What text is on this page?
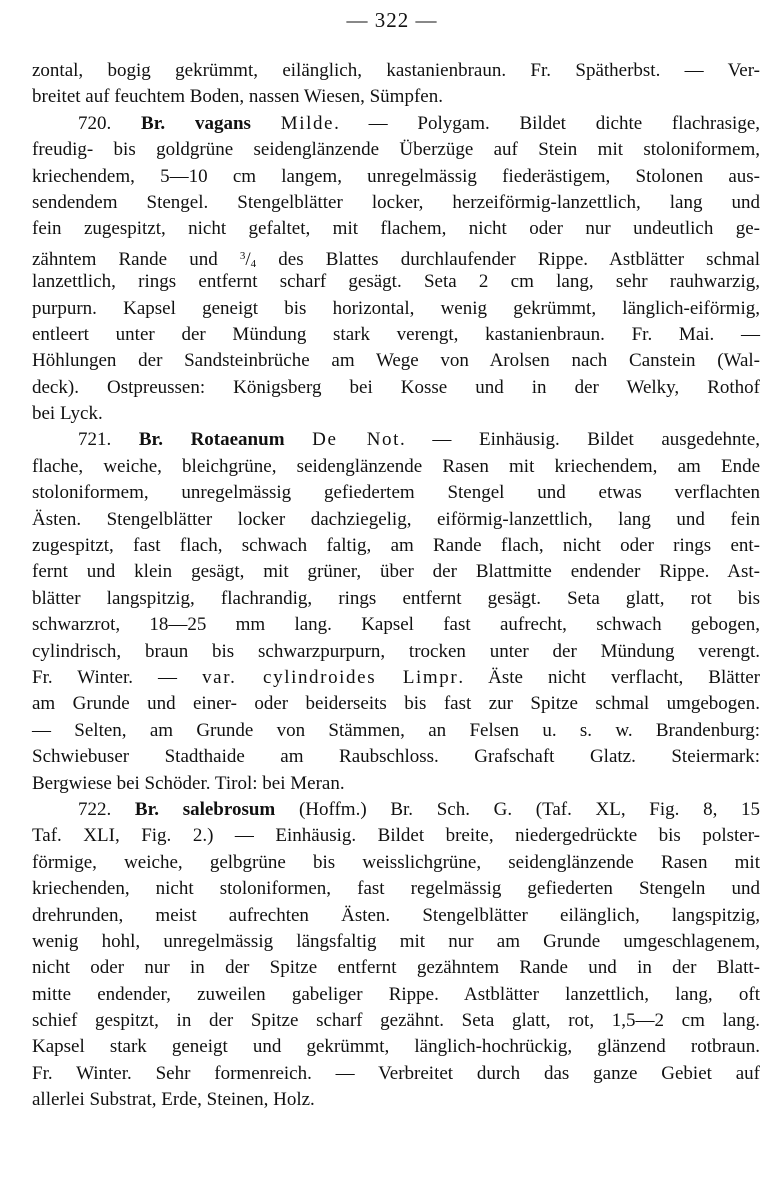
— 322 —
zontal, bogig gekrümmt, eilänglich, kastanienbraun. Fr. Spätherbst. — Ver-
breitet auf feuchtem Boden, nassen Wiesen, Sümpfen.
720. Br. vagans Milde. — Polygam. Bildet dichte flachrasige,
freudig- bis goldgrüne seidenglänzende Überzüge auf Stein mit stoloniformem,
kriechendem, 5—10 cm langem, unregelmässig fiederästigem, Stolonen aus-
sendendem Stengel. Stengelblätter locker, herzeiförmig-lanzettlich, lang und
fein zugespitzt, nicht gefaltet, mit flachem, nicht oder nur undeutlich ge-
zähntem Rande und $^3/_4$ des Blattes durchlaufender Rippe. Astblätter schmal
lanzettlich, rings entfernt scharf gesägt. Seta 2 cm lang, sehr rauhwarzig,
purpurn. Kapsel geneigt bis horizontal, wenig gekrümmt, länglich-eiförmig,
entleert unter der Mündung stark verengt, kastanienbraun. Fr. Mai. —
Höhlungen der Sandsteinbrüche am Wege von Arolsen nach Canstein (Wal-
deck). Ostpreussen: Königsberg bei Kosse und in der Welky, Rothof
bei Lyck.
721. Br. Rotaeanum De Not. — Einhäusig. Bildet ausgedehnte,
flache, weiche, bleichgrüne, seidenglänzende Rasen mit kriechendem, am Ende
stoloniformem, unregelmässig gefiedertem Stengel und etwas verflachten
Ästen. Stengelblätter locker dachziegelig, eiförmig-lanzettlich, lang und fein
zugespitzt, fast flach, schwach faltig, am Rande flach, nicht oder rings ent-
fernt und klein gesägt, mit grüner, über der Blattmitte endender Rippe. Ast-
blätter langspitzig, flachrandig, rings entfernt gesägt. Seta glatt, rot bis
schwarzrot, 18—25 mm lang. Kapsel fast aufrecht, schwach gebogen,
cylindrisch, braun bis schwarzpurpurn, trocken unter der Mündung verengt.
Fr. Winter. — var. cylindroides Limpr. Äste nicht verflacht, Blätter
am Grunde und einer- oder beiderseits bis fast zur Spitze schmal umgebogen.
— Selten, am Grunde von Stämmen, an Felsen u. s. w. Brandenburg:
Schwiebuser Stadthaide am Raubschloss. Grafschaft Glatz. Steiermark:
Bergwiese bei Schöder. Tirol: bei Meran.
722. Br. salebrosum (Hoffm.) Br. Sch. G. (Taf. XL, Fig. 8, 15
Taf. XLI, Fig. 2.) — Einhäusig. Bildet breite, niedergedrückte bis polster-
förmige, weiche, gelbgrüne bis weisslichgrüne, seidenglänzende Rasen mit
kriechenden, nicht stoloniformen, fast regelmässig gefiederten Stengeln und
drehrunden, meist aufrechten Ästen. Stengelblätter eilänglich, langspitzig,
wenig hohl, unregelmässig längsfaltig mit nur am Grunde umgeschlagenem,
nicht oder nur in der Spitze entfernt gezähntem Rande und in der Blatt-
mitte endender, zuweilen gabeliger Rippe. Astblätter lanzettlich, lang, oft
schief gespitzt, in der Spitze scharf gezähnt. Seta glatt, rot, 1,5—2 cm lang.
Kapsel stark geneigt und gekrümmt, länglich-hochrückig, glänzend rotbraun.
Fr. Winter. Sehr formenreich. — Verbreitet durch das ganze Gebiet auf
allerlei Substrat, Erde, Steinen, Holz.
